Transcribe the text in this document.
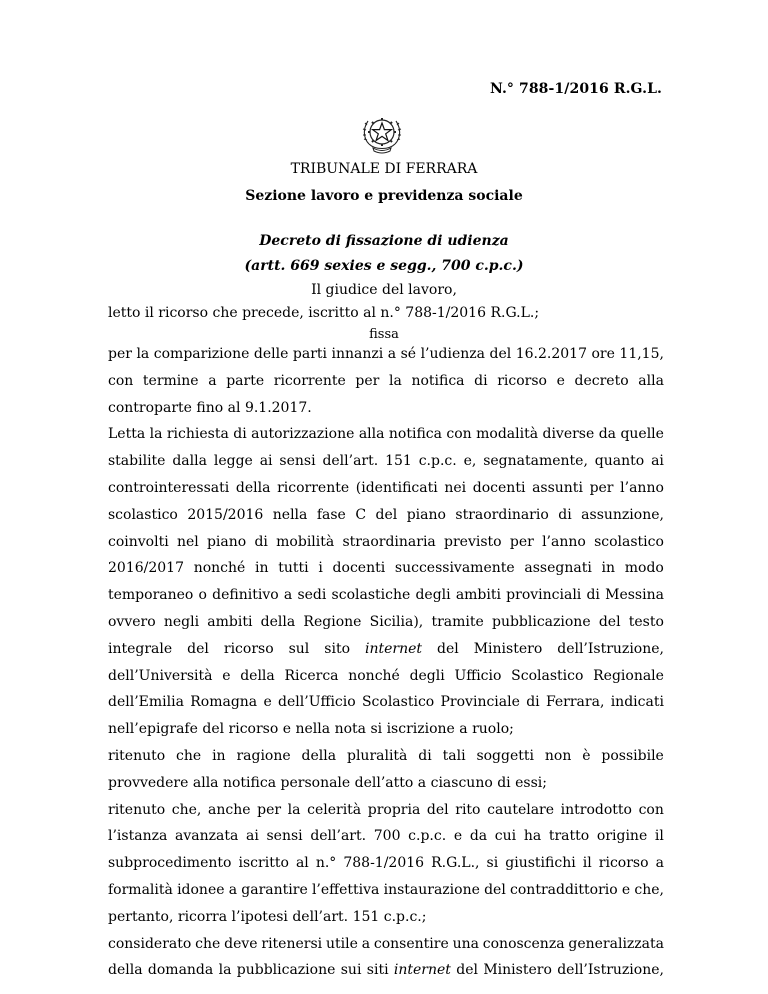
N.° 788-1/2016 R.G.L.
TRIBUNALE DI FERRARA
Sezione lavoro e previdenza sociale
Decreto di fissazione di udienza
(artt. 669 sexies e segg., 700 c.p.c.)
Il giudice del lavoro,
letto il ricorso che precede, iscritto al n.° 788-1/2016 R.G.L.;
fissa
per la comparizione delle parti innanzi a sé l’udienza del 16.2.2017 ore 11,15,
con termine a parte ricorrente per la notifica di ricorso e decreto alla
controparte fino al 9.1.2017.
Letta la richiesta di autorizzazione alla notifica con modalità diverse da quelle
stabilite dalla legge ai sensi dell’art. 151 c.p.c. e, segnatamente, quanto ai
controinteressati della ricorrente (identificati nei docenti assunti per l’anno
scolastico 2015/2016 nella fase C del piano straordinario di assunzione,
coinvolti nel piano di mobilità straordinaria previsto per l’anno scolastico
2016/2017 nonché in tutti i docenti successivamente assegnati in modo
temporaneo o definitivo a sedi scolastiche degli ambiti provinciali di Messina
ovvero negli ambiti della Regione Sicilia), tramite pubblicazione del testo
integrale del ricorso sul sito internet del Ministero dell’Istruzione,
dell’Università e della Ricerca nonché degli Ufficio Scolastico Regionale
dell’Emilia Romagna e dell’Ufficio Scolastico Provinciale di Ferrara, indicati
nell’epigrafe del ricorso e nella nota si iscrizione a ruolo;
ritenuto che in ragione della pluralità di tali soggetti non è possibile
provvedere alla notifica personale dell’atto a ciascuno di essi;
ritenuto che, anche per la celerità propria del rito cautelare introdotto con
l’istanza avanzata ai sensi dell’art. 700 c.p.c. e da cui ha tratto origine il
subprocedimento iscritto al n.° 788-1/2016 R.G.L., si giustifichi il ricorso a
formalità idonee a garantire l’effettiva instaurazione del contraddittorio e che,
pertanto, ricorra l’ipotesi dell’art. 151 c.p.c.;
considerato che deve ritenersi utile a consentire una conoscenza generalizzata
della domanda la pubblicazione sui siti internet del Ministero dell’Istruzione,
